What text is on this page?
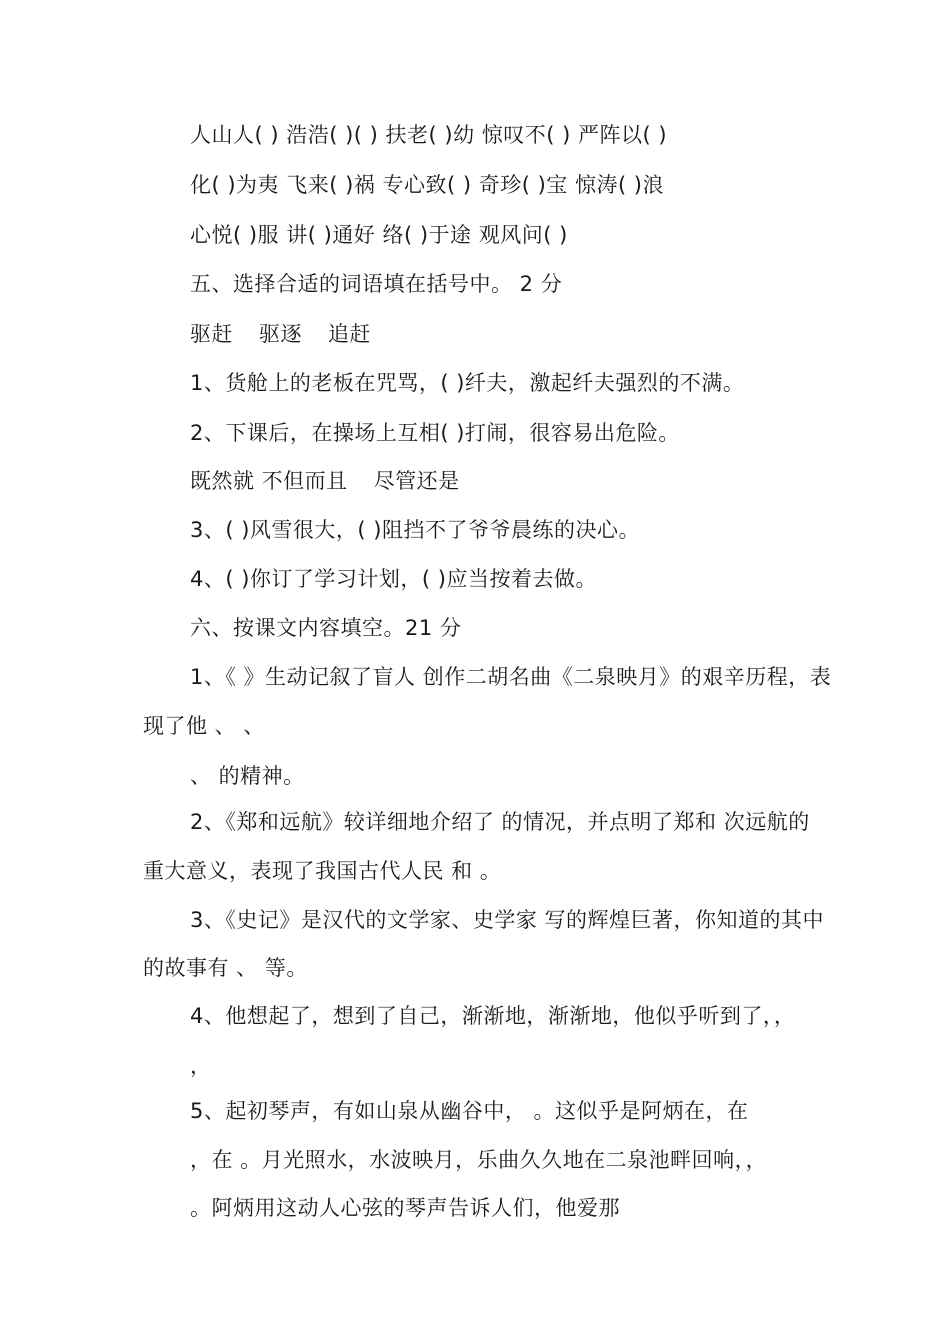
人山人( ) 浩浩( )( ) 扶老( )幼 惊叹不( ) 严阵以( )
化( )为夷 飞来( )祸 专心致( ) 奇珍( )宝 惊涛( )浪
心悦( )服 讲( )通好 络( )于途 观风问( )
五、选择合适的词语填在括号中。 2 分
驱赶 驱逐 追赶
1、货舱上的老板在咒骂，( )纤夫，激起纤夫强烈的不满。
2、下课后，在操场上互相( )打闹，很容易出危险。
既然就 不但而且 尽管还是
3、( )风雪很大，( )阻挡不了爷爷晨练的决心。
4、( )你订了学习计划，( )应当按着去做。
六、按课文内容填空。21 分
1、《 》生动记叙了盲人 创作二胡名曲《二泉映月》的艰辛历程，表
现了他 、 、
、 的精神。
2、《郑和远航》较详细地介绍了 的情况，并点明了郑和 次远航的
重大意义，表现了我国古代人民 和 。
3、《史记》是汉代的文学家、史学家 写的辉煌巨著，你知道的其中
的故事有 、 等。
4、他想起了，想到了自己，渐渐地，渐渐地，他似乎听到了，，
，
5、起初琴声，有如山泉从幽谷中， 。这似乎是阿炳在，在
，在 。月光照水，水波映月，乐曲久久地在二泉池畔回响，，
。阿炳用这动人心弦的琴声告诉人们，他爱那
